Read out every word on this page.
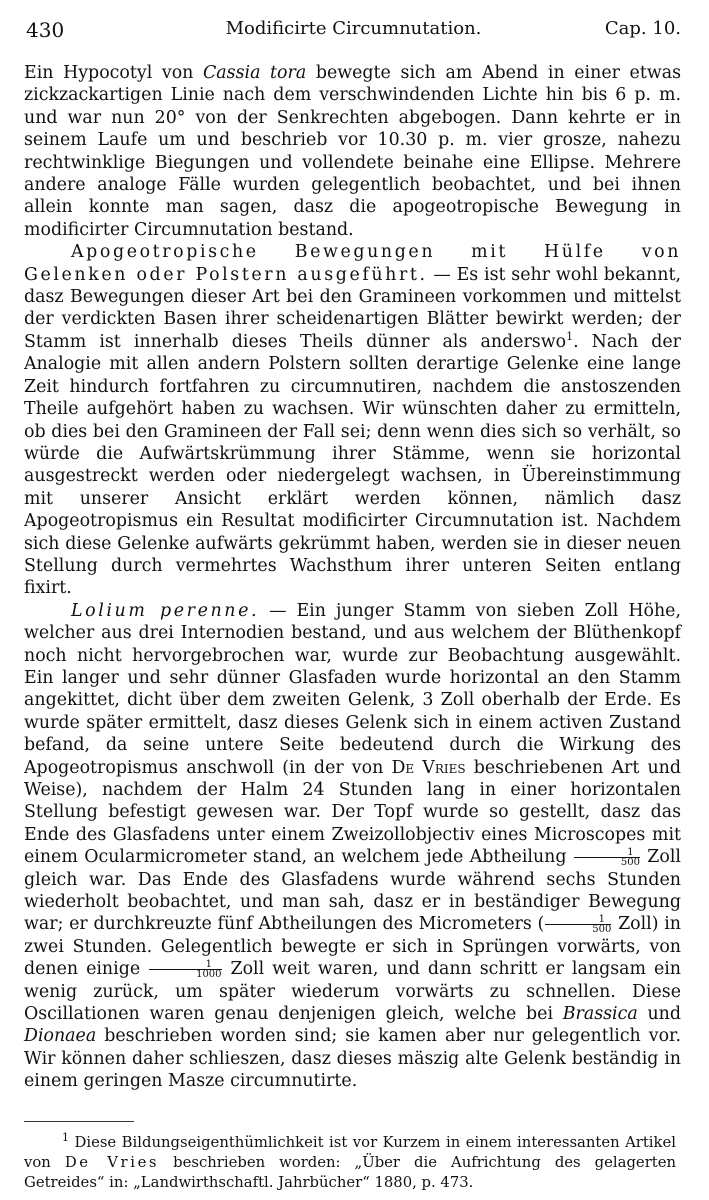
430	Modificirte Circumnutation.	Cap. 10.

Ein Hypocotyl von Cassia tora bewegte sich am Abend in einer etwas zickzackartigen Linie nach dem verschwindenden Lichte hin bis 6 p. m. und war nun 20° von der Senkrechten abgebogen. Dann kehrte er in seinem Laufe um und beschrieb vor 10.30 p. m. vier grosze, nahezu rechtwinklige Biegungen und vollendete beinahe eine Ellipse. Mehrere andere analoge Fälle wurden gelegentlich beobachtet, und bei ihnen allein konnte man sagen, dasz die apogeotropische Bewegung in modificirter Circumnutation bestand.

Apogeotropische Bewegungen mit Hülfe von Gelenken oder Polstern ausgeführt. — Es ist sehr wohl bekannt, dasz Bewegungen dieser Art bei den Gramineen vorkommen und mittelst der verdickten Basen ihrer scheidenartigen Blätter bewirkt werden; der Stamm ist innerhalb dieses Theils dünner als anderswo$^1$. Nach der Analogie mit allen andern Polstern sollten derartige Gelenke eine lange Zeit hindurch fortfahren zu circumnutiren, nachdem die anstoszenden Theile aufgehört haben zu wachsen. Wir wünschten daher zu ermitteln, ob dies bei den Gramineen der Fall sei; denn wenn dies sich so verhält, so würde die Aufwärtskrümmung ihrer Stämme, wenn sie horizontal ausgestreckt werden oder niedergelegt wachsen, in Übereinstimmung mit unserer Ansicht erklärt werden können, nämlich dasz Apogeotropismus ein Resultat modificirter Circumnutation ist. Nachdem sich diese Gelenke aufwärts gekrümmt haben, werden sie in dieser neuen Stellung durch vermehrtes Wachsthum ihrer unteren Seiten entlang fixirt.

Lolium perenne. — Ein junger Stamm von sieben Zoll Höhe, welcher aus drei Internodien bestand, und aus welchem der Blüthenkopf noch nicht hervorgebrochen war, wurde zur Beobachtung ausgewählt. Ein langer und sehr dünner Glasfaden wurde horizontal an den Stamm angekittet, dicht über dem zweiten Gelenk, 3 Zoll oberhalb der Erde. Es wurde später ermittelt, dasz dieses Gelenk sich in einem activen Zustand befand, da seine untere Seite bedeutend durch die Wirkung des Apogeotropismus anschwoll (in der von De Vries beschriebenen Art und Weise), nachdem der Halm 24 Stunden lang in einer horizontalen Stellung befestigt gewesen war. Der Topf wurde so gestellt, dasz das Ende des Glasfadens unter einem Zweizollobjectiv eines Microscopes mit einem Ocularmicrometer stand, an welchem jede Abtheilung $\frac{1}{500}$ Zoll gleich war. Das Ende des Glasfadens wurde während sechs Stunden wiederholt beobachtet, und man sah, dasz er in beständiger Bewegung war; er durchkreuzte fünf Abtheilungen des Micrometers ( $\frac{1}{500}$ Zoll) in zwei Stunden. Gelegentlich bewegte er sich in Sprüngen vorwärts, von denen einige $\frac{1}{1000}$ Zoll weit waren, und dann schritt er langsam ein wenig zurück, um später wiederum vorwärts zu schnellen. Diese Oscillationen waren genau denjenigen gleich, welche bei Brassica und Dionaea beschrieben worden sind; sie kamen aber nur gelegentlich vor. Wir können daher schlieszen, dasz dieses mäszig alte Gelenk beständig in einem geringen Masze circumnutirte.

$^1$ Diese Bildungseigenthümlichkeit ist vor Kurzem in einem interessanten Artikel von De Vries beschrieben worden: „Über die Aufrichtung des gelagerten Getreides“ in: „Landwirthschaftl. Jahrbücher“ 1880, p. 473.
